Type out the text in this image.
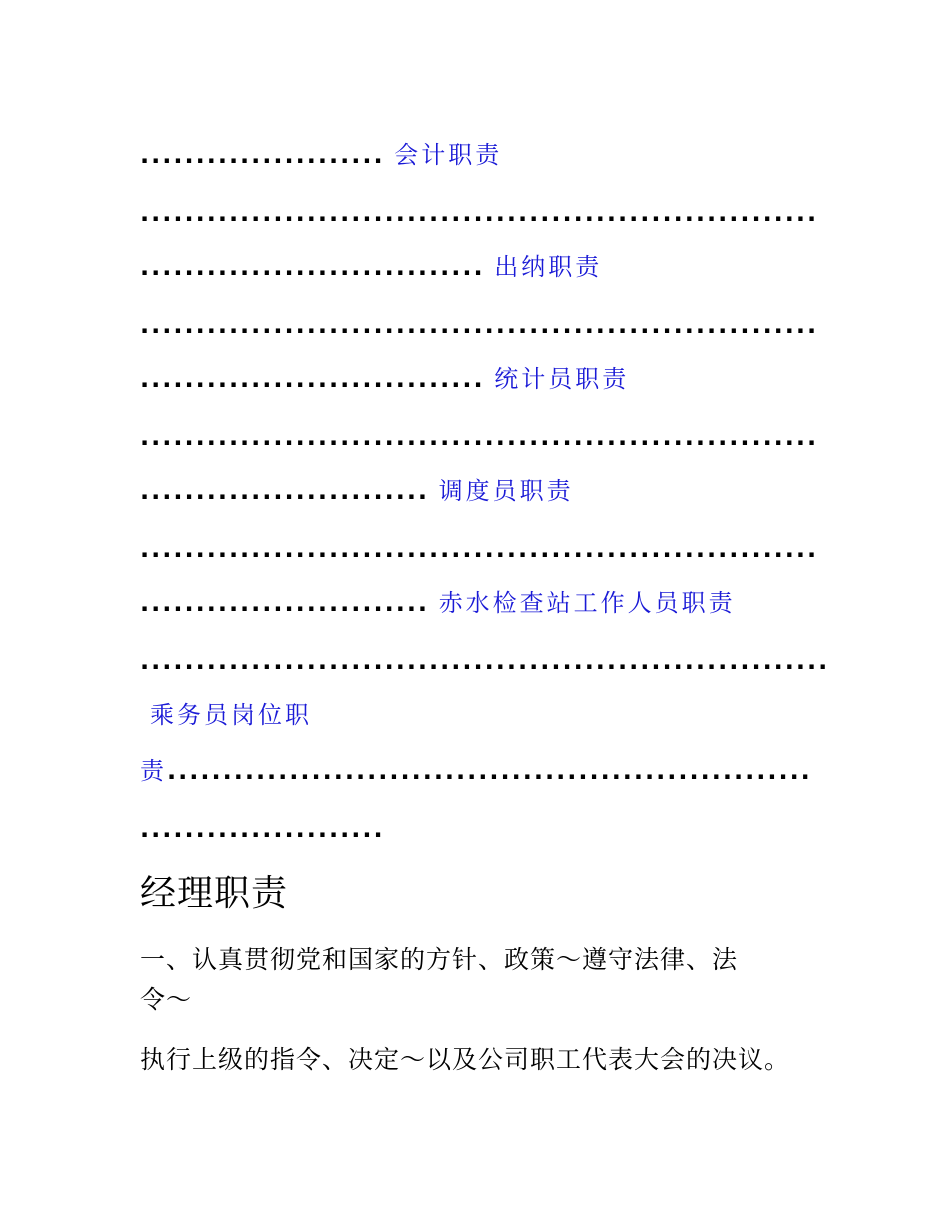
...................... 会计职责
.............................................................
............................... 出纳职责
.............................................................
............................... 统计员职责
.............................................................
.......................... 调度员职责
.............................................................
.......................... 赤水检查站工作人员职责
..............................................................
乘务员岗位职
责..........................................................
......................
经理职责
一、认真贯彻党和国家的方针、政策～遵守法律、法
令～
执行上级的指令、决定～以及公司职工代表大会的决议。
